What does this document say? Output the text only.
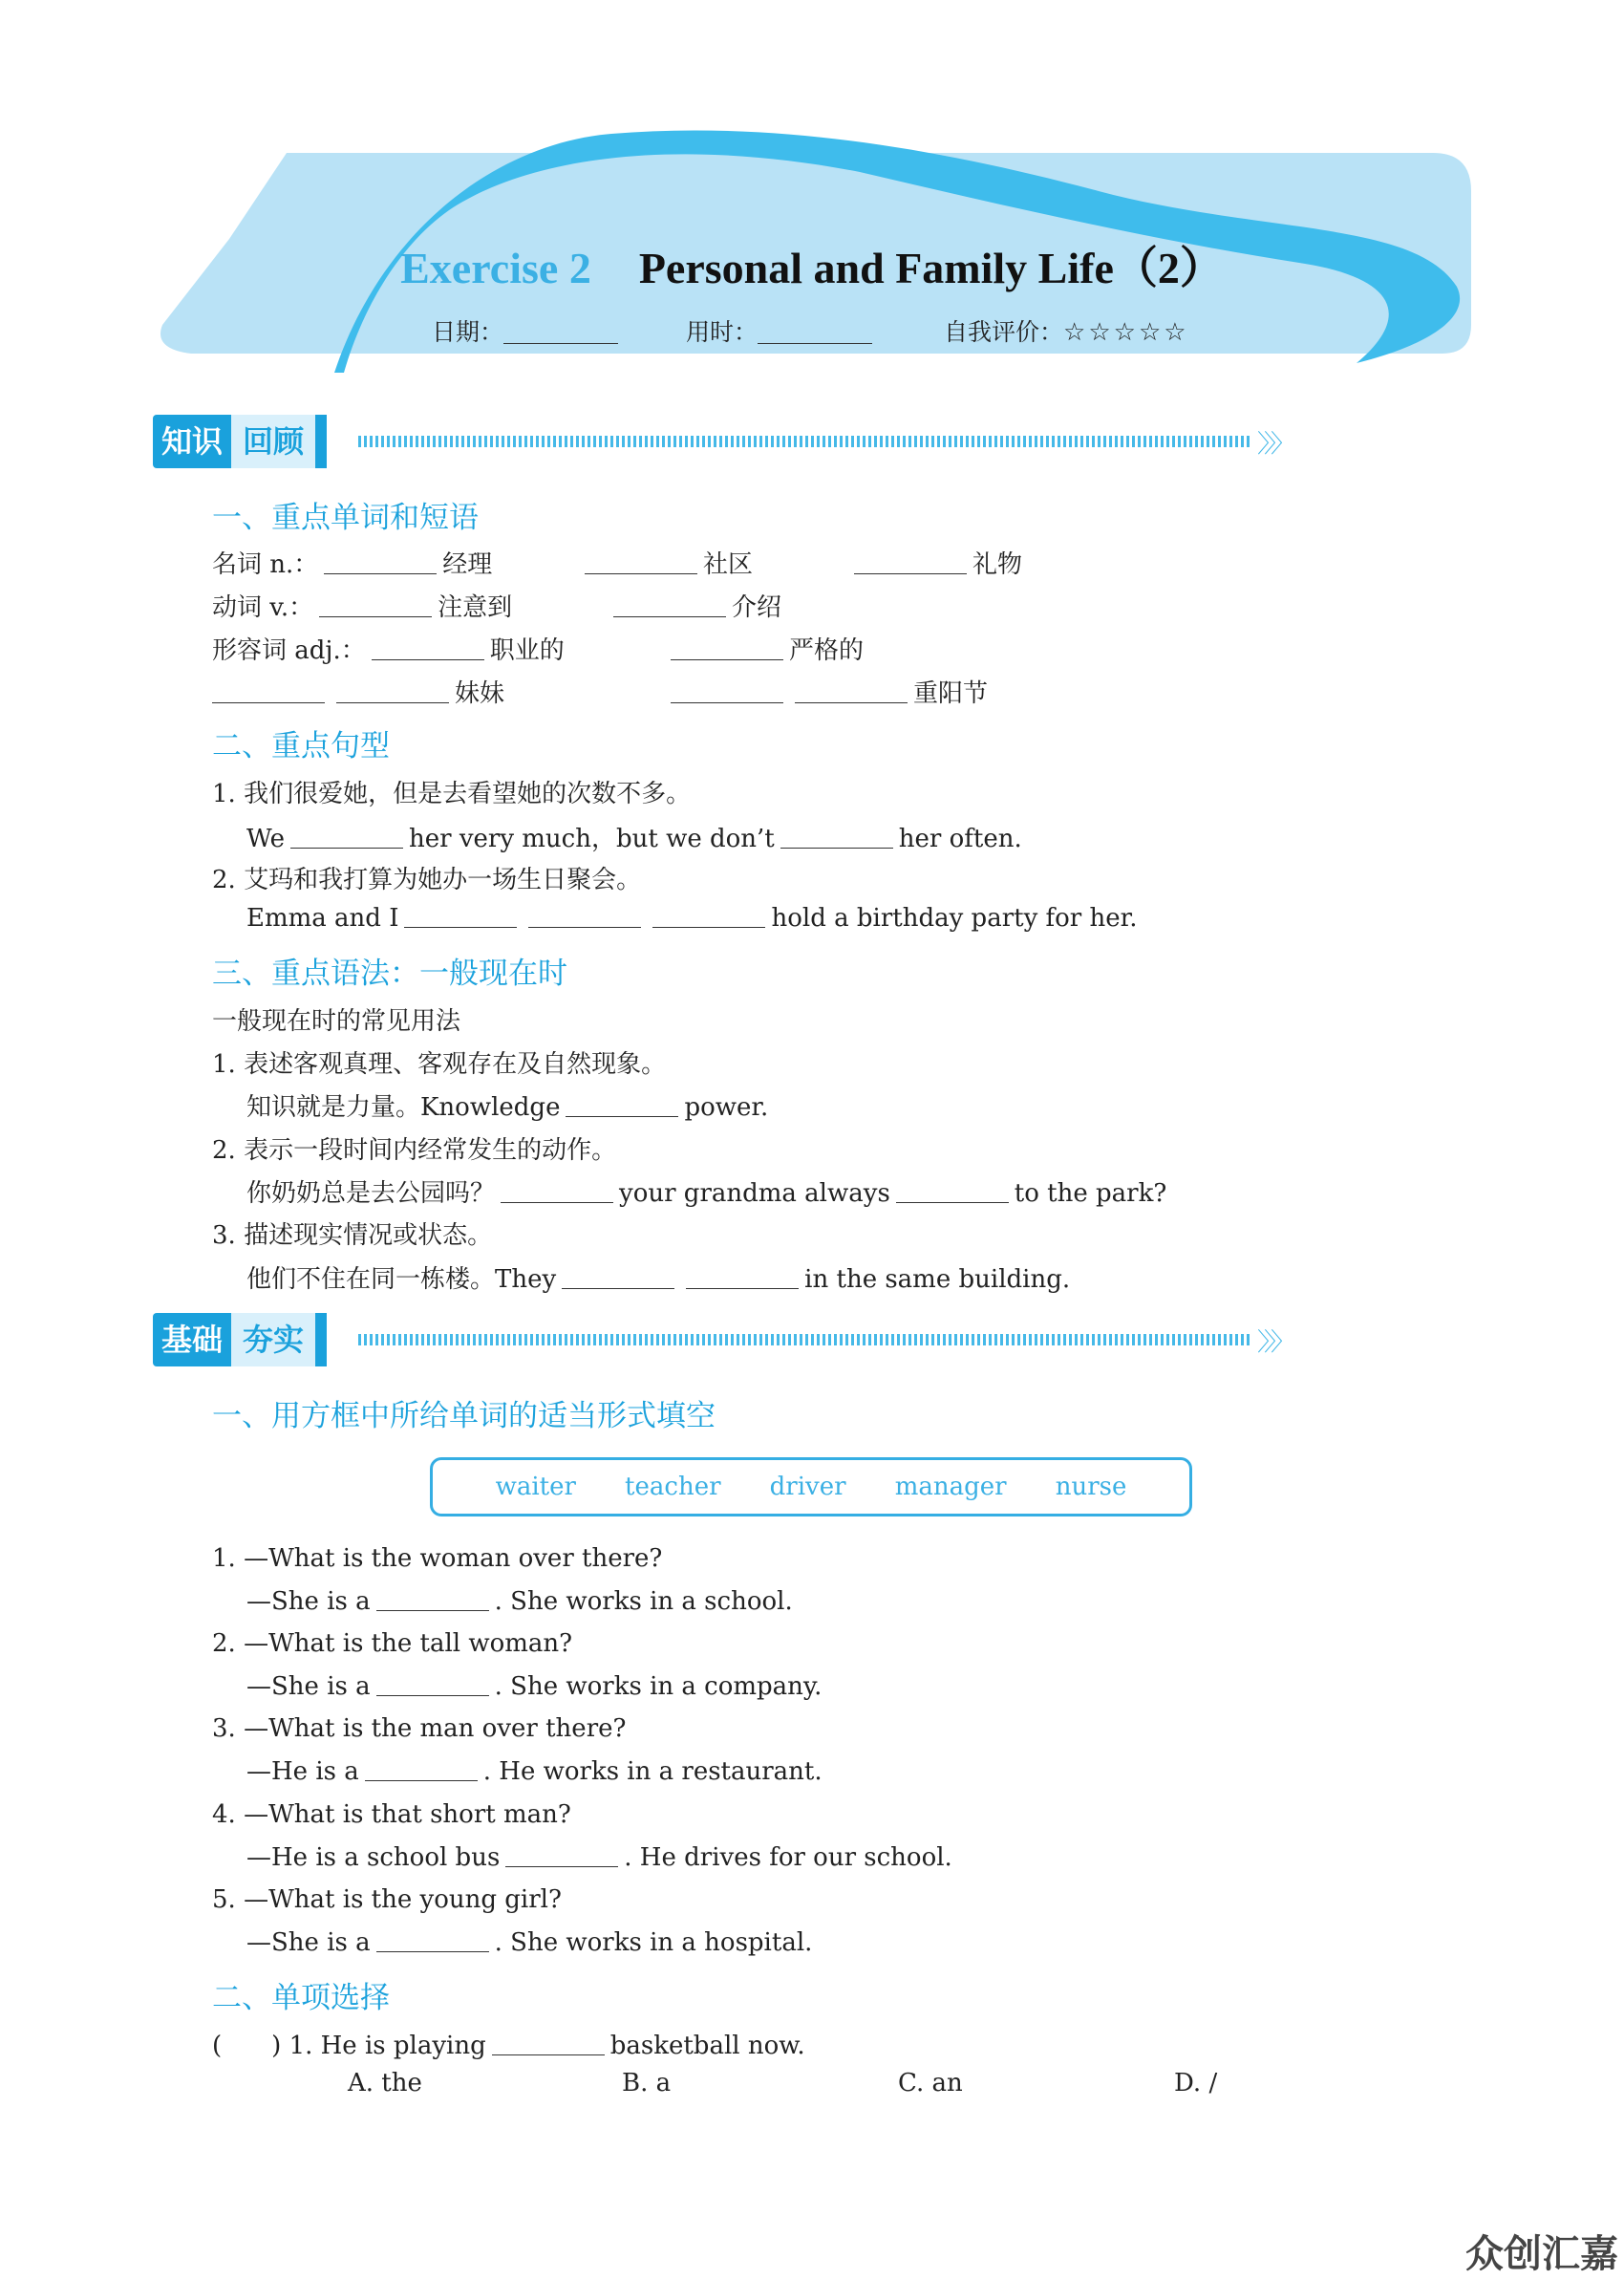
Exercise 2 Personal and Family Life（2）
日期：	用时：	自我评价：☆☆☆☆☆
知识 回顾	〉〉〉
一、重点单词和短语
名词 n.：	经理	社区	礼物
动词 v.：	注意到	介绍
形容词 adj.：	职业的	严格的
妹妹	重阳节
二、重点句型
1. 我们很爱她，但是去看望她的次数不多。
We	her very much，but we don’t	her often.
2. 艾玛和我打算为她办一场生日聚会。
Emma and I	hold a birthday party for her.
三、重点语法：一般现在时
一般现在时的常见用法
1. 表述客观真理、客观存在及自然现象。
知识就是力量。Knowledge	power.
2. 表示一段时间内经常发生的动作。
你奶奶总是去公园吗？	your grandma always	to the park?
3. 描述现实情况或状态。
他们不住在同一栋楼。They	in the same building.
基础 夯实	〉〉〉
一、用方框中所给单词的适当形式填空
waiter teacher driver manager nurse
1. —What is the woman over there?
—She is a	. She works in a school.
2. —What is the tall woman?
—She is a	. She works in a company.
3. —What is the man over there?
—He is a	. He works in a restaurant.
4. —What is that short man?
—He is a school bus	. He drives for our school.
5. —What is the young girl?
—She is a	. She works in a hospital.
二、单项选择
(　　) 1. He is playing	basketball now.
A. the	B. a	C. an	D. /
众创汇嘉
